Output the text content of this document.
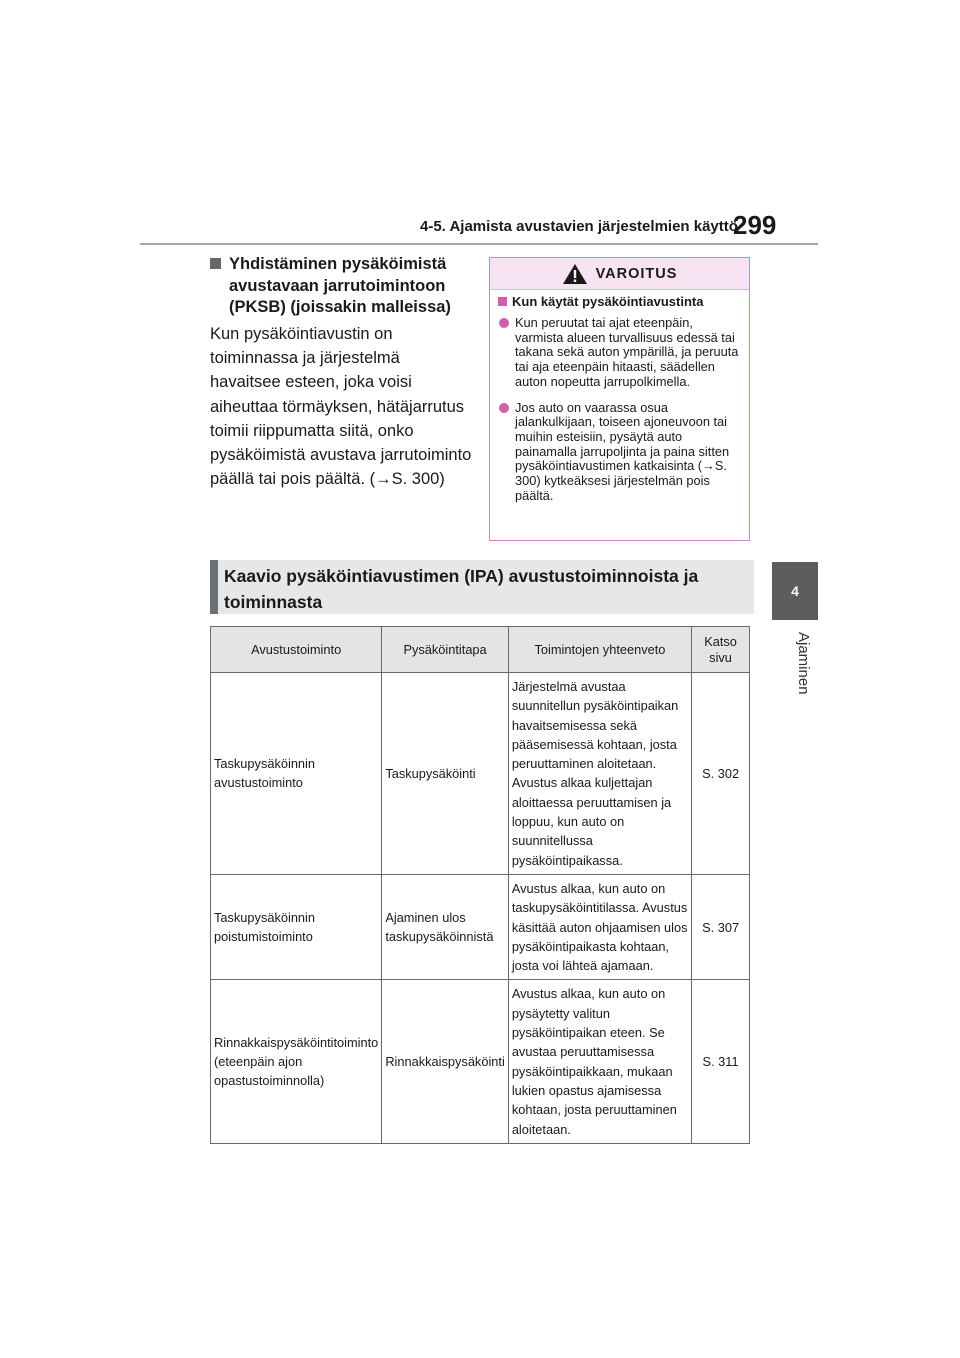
4-5. Ajamista avustavien järjestelmien käyttö
299
4
Ajaminen
Yhdistäminen pysäköimistä avustavaan jarrutoimintoon (PKSB) (joissakin malleissa)
Kun pysäköintiavustin on toiminnassa ja järjestelmä havaitsee esteen, joka voisi aiheuttaa törmäyksen, hätäjarrutus toimii riippumatta siitä, onko pysäköimistä avustava jarrutoiminto päällä tai pois päältä. (→S. 300)
VAROITUS
Kun käytät pysäköintiavustinta
Kun peruutat tai ajat eteenpäin, varmista alueen turvallisuus edessä tai takana sekä auton ympärillä, ja peruuta tai aja eteenpäin hitaasti, säädellen auton nopeutta jarrupolkimella.
Jos auto on vaarassa osua jalankulkijaan, toiseen ajoneuvoon tai muihin esteisiin, pysäytä auto painamalla jarrupoljinta ja paina sitten pysäköintiavustimen katkaisinta (→S. 300) kytkeäksesi järjestelmän pois päältä.
Kaavio pysäköintiavustimen (IPA) avustustoiminnoista ja toiminnasta
Avustustoiminto	Pysäköintitapa	Toimintojen yhteenveto	Katso sivu
Taskupysäköinnin avustustoiminto	Taskupysäköinti	Järjestelmä avustaa suunnitellun pysäköintipaikan havaitsemisessa sekä pääsemisessä kohtaan, josta peruuttaminen aloitetaan. Avustus alkaa kuljettajan aloittaessa peruuttamisen ja loppuu, kun auto on suunnitellussa pysäköintipaikassa.	S. 302
Taskupysäköinnin poistumistoiminto	Ajaminen ulos taskupysäköinnistä	Avustus alkaa, kun auto on taskupysäköintitilassa. Avustus käsittää auton ohjaamisen ulos pysäköintipaikasta kohtaan, josta voi lähteä ajamaan.	S. 307
Rinnakkaispysäköintitoiminto (eteenpäin ajon opastustoiminnolla)	Rinnakkaispysäköinti	Avustus alkaa, kun auto on pysäytetty valitun pysäköintipaikan eteen. Se avustaa peruuttamisessa pysäköintipaikkaan, mukaan lukien opastus ajamisessa kohtaan, josta peruuttaminen aloitetaan.	S. 311
